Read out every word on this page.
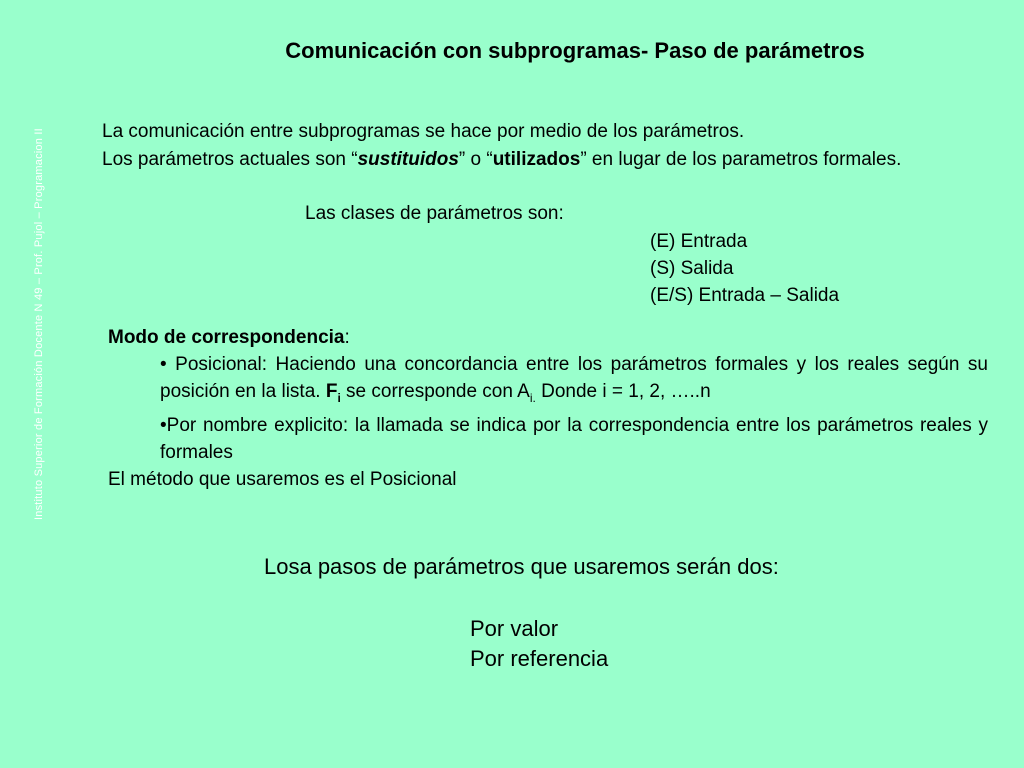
Instituto Superior de Formación Docente N 49 – Prof. Pujol – Programacion II
Comunicación con subprogramas- Paso de parámetros

La comunicación entre subprogramas se hace por medio de los parámetros.

Los parámetros actuales son “sustituidos” o “utilizados” en lugar de los parametros formales.

Las clases de parámetros son:
(E) Entrada
(S) Salida
(E/S) Entrada – Salida
Modo de correspondencia:
• Posicional: Haciendo una concordancia entre los parámetros formales y los reales según su posición en la lista. $F_i$ se corresponde con $A_{i.}$ Donde i = 1, 2, …..n
•Por nombre explicito: la llamada se indica por la correspondencia entre los parámetros reales y formales
El método que usaremos es el Posicional
Losa pasos de parámetros que usaremos serán dos:
Por valor
Por referencia
